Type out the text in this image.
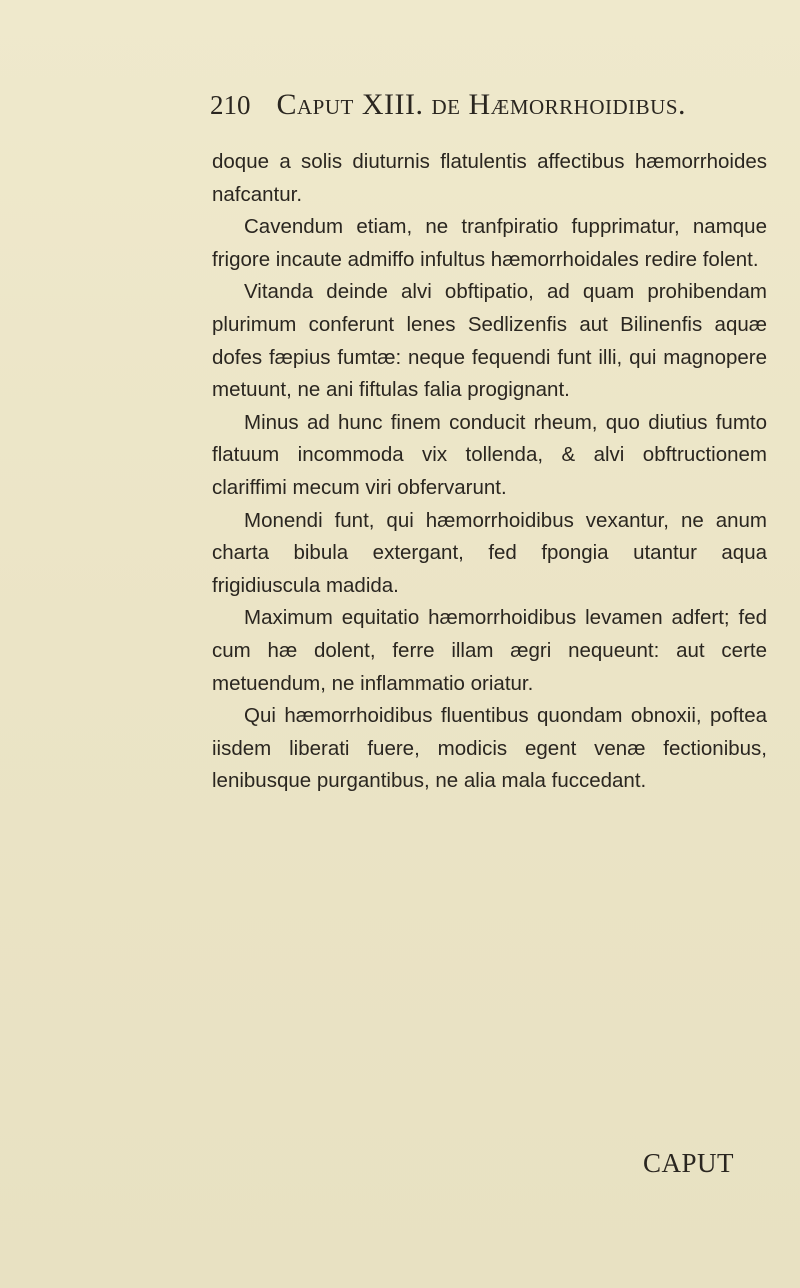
210 Caput XIII. de Hæmorrhoidibus.

doque a solis diuturnis flatulentis affectibus hæmorrhoides nafcantur.

Cavendum etiam, ne tranfpiratio fupprimatur, namque frigore incaute admiffo infultus hæmorrhoidales redire folent.

Vitanda deinde alvi obftipatio, ad quam prohibendam plurimum conferunt lenes Sedlizenfis aut Bilinenfis aquæ dofes fæpius fumtæ: neque fequendi funt illi, qui magnopere metuunt, ne ani fiftulas falia progignant.

Minus ad hunc finem conducit rheum, quo diutius fumto flatuum incommoda vix tollenda, & alvi obftructionem clariffimi mecum viri obfervarunt.

Monendi funt, qui hæmorrhoidibus vexantur, ne anum charta bibula extergant, fed fpongia utantur aqua frigidiuscula madida.

Maximum equitatio hæmorrhoidibus levamen adfert; fed cum hæ dolent, ferre illam ægri nequeunt: aut certe metuendum, ne inflammatio oriatur.

Qui hæmorrhoidibus fluentibus quondam obnoxii, poftea iisdem liberati fuere, modicis egent venæ fectionibus, lenibusque purgantibus, ne alia mala fuccedant.

CAPUT
